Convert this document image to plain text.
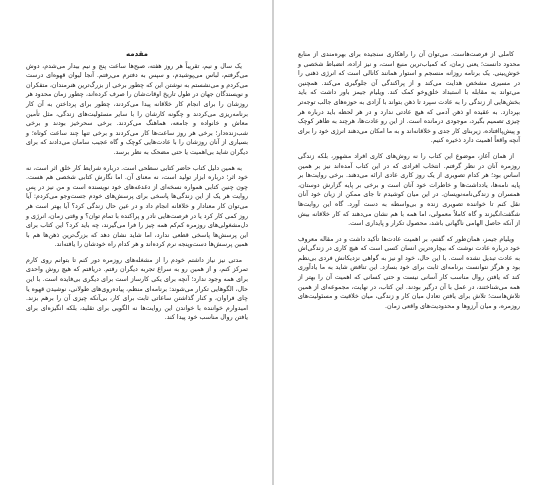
مقدمه

یک سال و نیم، تقریباً هر روز هفته، صبح‌ها ساعت پنج و نیم بیدار می‌شدم، دوش می‌گرفتم، لباس می‌پوشیدم، و سپس به دفترم می‌رفتم. آنجا لیوان قهوه‌ای درست می‌کردم و می‌نشستم به نوشتن این که چطور برخی از بزرگ‌ترین هنرمندان، متفکران و نویسندگان جهان در طول تاریخ اوقات‌شان را صرف کرده‌اند، چطور زمان محدود هر روزشان را برای انجام کار خلاقانه پیدا می‌کردند، چطور برای پرداختن به آن کار برنامه‌ریزی می‌کردند و چگونه کارشان را با سایر مسئولیت‌های زندگی، مثل تأمین معاش و خانواده و جامعه، هماهنگ می‌کردند. برخی سحرخیز بودند و برخی شب‌زنده‌دار؛ برخی هر روز ساعت‌ها کار می‌کردند و برخی تنها چند ساعت کوتاه؛ و بسیاری از آنان روزشان را با عادت‌هایی کوچک و گاه عجیب سامان می‌دادند که برای دیگران شاید بی‌اهمیت یا حتی مضحک به نظر برسد.

به همین دلیل کتاب حاضر کتابی سطحی است. درباره شرایط کار خلق اثر است، نه خود اثر؛ درباره ابزار تولید است، نه معنای آن. اما نگارش کتابی شخصی هم هست. چون چنین کتابی همواره نسخه‌ای از دغدغه‌های خود نویسنده است و من نیز در پس روایت هر یک از این زندگی‌ها پاسخی برای پرسش‌های خودم جست‌وجو می‌کردم: آیا می‌توان کار معنادار و خلاقانه انجام داد و در عین حال زندگی کرد؟ آیا بهتر است هر روز کمی کار کرد یا در فرصت‌هایی نادر و پراکنده با تمام توان؟ و وقتی زمان، انرژی و دل‌مشغولی‌های روزمره کم‌کم همه چیز را فرا می‌گیرند، چه باید کرد؟ این کتاب برای این پرسش‌ها پاسخی قطعی ندارد، اما شاید نشان دهد که بزرگ‌ترین ذهن‌ها هم با همین پرسش‌ها دست‌وپنجه نرم کرده‌اند و هر کدام راه خودشان را یافته‌اند.

مدتی نیز نیاز داشتم خودم را از مشغله‌های روزمره دور کنم تا بتوانم روی کارم تمرکز کنم، و از همین رو به سراغ تجربه دیگران رفتم. دریافتم که هیچ روش واحدی برای همه وجود ندارد؛ آنچه برای یکی کارساز است برای دیگری بی‌فایده است. با این حال، الگوهایی تکرار می‌شوند: برنامه‌ای منظم، پیاده‌روی‌های طولانی، نوشیدن قهوه یا چای فراوان، و کنار گذاشتن ساعاتی ثابت برای کار، بی‌آنکه چیزی آن را برهم بزند. امیدوارم خواننده با خواندن این روایت‌ها نه الگویی برای تقلید، بلکه انگیزه‌ای برای یافتن روال مناسب خود پیدا کند.

کاملی از فرصت‌هاست. می‌توان آن را راهکاری سنجیده برای بهره‌مندی از منابع محدود دانست؛ یعنی زمان، که کمیاب‌ترین منبع است، و نیز اراده، انضباط شخصی و خوش‌بینی. یک برنامه روزانه منسجم و استوار همانند کانالی است که انرژی ذهنی را در مسیری مشخص هدایت می‌کند و از پراکندگی آن جلوگیری می‌کند. همچنین می‌تواند به مقابله با استبداد خلق‌وخو کمک کند. ویلیام جیمز باور داشت که باید بخش‌هایی از زندگی را به عادت سپرد تا ذهن بتواند با آزادی به حوزه‌های جالب توجه‌تر بپردازد. به عقیده او ذهن آدمی که هیچ عادتی ندارد و در هر لحظه باید درباره هر چیزی تصمیم بگیرد، موجودی درمانده است. از این رو عادت‌ها، هرچند به ظاهر کوچک و پیش‌پاافتاده، زیربنای کار جدی و خلاقانه‌اند و به ما امکان می‌دهند انرژی خود را برای آنچه واقعاً اهمیت دارد ذخیره کنیم.

از همان آغاز، موضوع این کتاب را نه روش‌های کاری افراد مشهور، بلکه زندگی روزمره آنان در نظر گرفتم. انتخاب افرادی که در این کتاب آمده‌اند نیز بر همین اساس بود؛ هر کدام تصویری از یک روز کاری عادی ارائه می‌دهند. برخی روایت‌ها بر پایه نامه‌ها، یادداشت‌ها و خاطرات خود آنان است و برخی بر پایه گزارش دوستان، همسران و زندگی‌نامه‌نویسان. در این میان کوشیدم تا جای ممکن از زبان خود آنان نقل کنم تا خواننده تصویری زنده و بی‌واسطه به دست آورد. گاه این روایت‌ها شگفت‌انگیزند و گاه کاملاً معمولی، اما همه با هم نشان می‌دهند که کار خلاقانه بیش از آنکه حاصل الهامی ناگهانی باشد، محصول تکرار و پایداری است.

ویلیام جیمز، همان‌طور که گفتم، بر اهمیت عادت‌ها تأکید داشت و در مقاله معروف خود درباره عادت نوشت که بیچاره‌ترین انسان کسی است که هیچ کاری در زندگی‌اش به عادت تبدیل نشده است. با این حال، خود او نیز به گواهی نزدیکانش فردی بی‌نظم بود و هرگز نتوانست برنامه‌ای ثابت برای خود بسازد. این تناقض شاید به ما یادآوری کند که یافتن روال مناسب کار آسانی نیست و حتی کسانی که اهمیت آن را بهتر از همه می‌شناختند، در عمل با آن درگیر بودند. این کتاب، در نهایت، مجموعه‌ای از همین تلاش‌هاست؛ تلاش برای یافتن تعادل میان کار و زندگی، میان خلاقیت و مسئولیت‌های روزمره، و میان آرزوها و محدودیت‌های واقعی زمان.
